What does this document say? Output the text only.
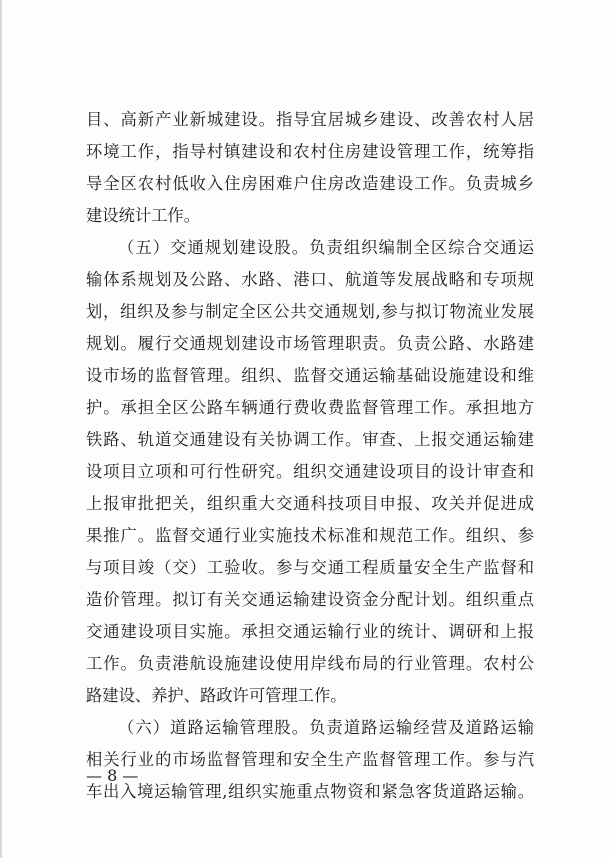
目、高新产业新城建设。指导宜居城乡建设、改善农村人居
环境工作，指导村镇建设和农村住房建设管理工作，统筹指
导全区农村低收入住房困难户住房改造建设工作。负责城乡
建设统计工作。
（五）交通规划建设股。负责组织编制全区综合交通运
输体系规划及公路、水路、港口、航道等发展战略和专项规
划，组织及参与制定全区公共交通规划,参与拟订物流业发展
规划。履行交通规划建设市场管理职责。负责公路、水路建
设市场的监督管理。组织、监督交通运输基础设施建设和维
护。承担全区公路车辆通行费收费监督管理工作。承担地方
铁路、轨道交通建设有关协调工作。审查、上报交通运输建
设项目立项和可行性研究。组织交通建设项目的设计审查和
上报审批把关，组织重大交通科技项目申报、攻关并促进成
果推广。监督交通行业实施技术标准和规范工作。组织、参
与项目竣（交）工验收。参与交通工程质量安全生产监督和
造价管理。拟订有关交通运输建设资金分配计划。组织重点
交通建设项目实施。承担交通运输行业的统计、调研和上报
工作。负责港航设施建设使用岸线布局的行业管理。农村公
路建设、养护、路政许可管理工作。
（六）道路运输管理股。负责道路运输经营及道路运输
相关行业的市场监督管理和安全生产监督管理工作。参与汽
车出入境运输管理,组织实施重点物资和紧急客货道路运输。
— 8 —
